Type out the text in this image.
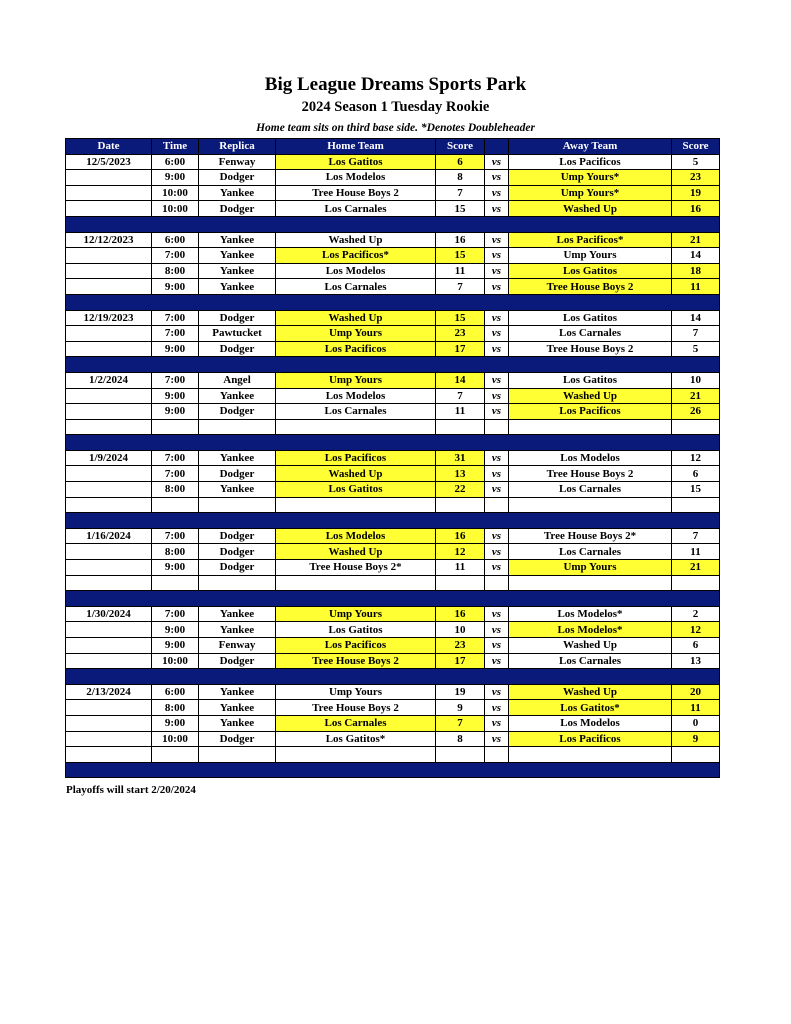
Big League Dreams Sports Park
2024 Season 1 Tuesday Rookie
Home team sits on third base side. *Denotes Doubleheader
Date	Time	Replica	Home Team	Score		Away Team	Score
12/5/2023	6:00	Fenway	Los Gatitos	6	vs	Los Pacificos	5
	9:00	Dodger	Los Modelos	8	vs	Ump Yours*	23
	10:00	Yankee	Tree House Boys 2	7	vs	Ump Yours*	19
	10:00	Dodger	Los Carnales	15	vs	Washed Up	16

12/12/2023	6:00	Yankee	Washed Up	16	vs	Los Pacificos*	21
	7:00	Yankee	Los Pacificos*	15	vs	Ump Yours	14
	8:00	Yankee	Los Modelos	11	vs	Los Gatitos	18
	9:00	Yankee	Los Carnales	7	vs	Tree House Boys 2	11

12/19/2023	7:00	Dodger	Washed Up	15	vs	Los Gatitos	14
	7:00	Pawtucket	Ump Yours	23	vs	Los Carnales	7
	9:00	Dodger	Los Pacificos	17	vs	Tree House Boys 2	5

1/2/2024	7:00	Angel	Ump Yours	14	vs	Los Gatitos	10
	9:00	Yankee	Los Modelos	7	vs	Washed Up	21
	9:00	Dodger	Los Carnales	11	vs	Los Pacificos	26

1/9/2024	7:00	Yankee	Los Pacificos	31	vs	Los Modelos	12
	7:00	Dodger	Washed Up	13	vs	Tree House Boys 2	6
	8:00	Yankee	Los Gatitos	22	vs	Los Carnales	15

1/16/2024	7:00	Dodger	Los Modelos	16	vs	Tree House Boys 2*	7
	8:00	Dodger	Washed Up	12	vs	Los Carnales	11
	9:00	Dodger	Tree House Boys 2*	11	vs	Ump Yours	21

1/30/2024	7:00	Yankee	Ump Yours	16	vs	Los Modelos*	2
	9:00	Yankee	Los Gatitos	10	vs	Los Modelos*	12
	9:00	Fenway	Los Pacificos	23	vs	Washed Up	6
	10:00	Dodger	Tree House Boys 2	17	vs	Los Carnales	13

2/13/2024	6:00	Yankee	Ump Yours	19	vs	Washed Up	20
	8:00	Yankee	Tree House Boys 2	9	vs	Los Gatitos*	11
	9:00	Yankee	Los Carnales	7	vs	Los Modelos	0
	10:00	Dodger	Los Gatitos*	8	vs	Los Pacificos	9

Playoffs will start 2/20/2024
